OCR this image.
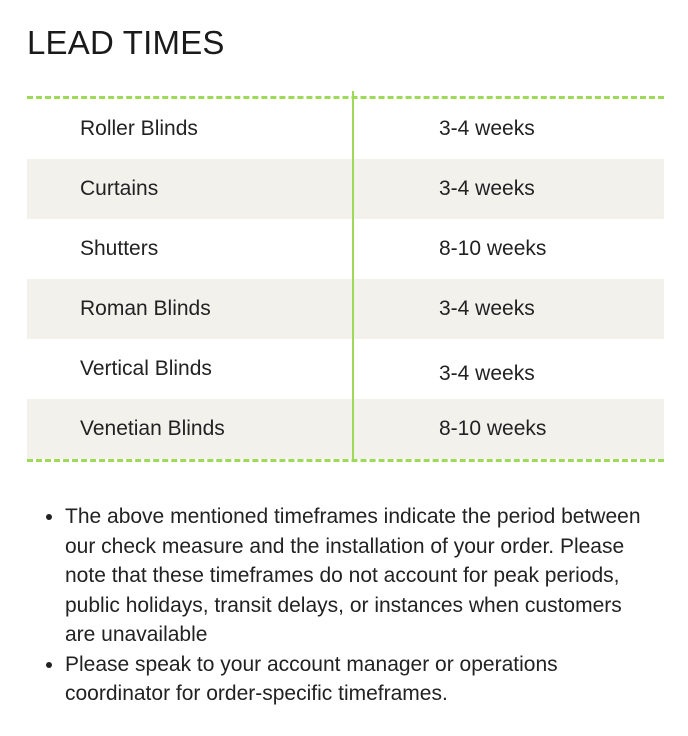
LEAD TIMES
Roller Blinds	3-4 weeks
Curtains	3-4 weeks
Shutters	8-10 weeks
Roman Blinds	3-4 weeks
Vertical Blinds	3-4 weeks
Venetian Blinds	8-10 weeks
• The above mentioned timeframes indicate the period between our check measure and the installation of your order. Please note that these timeframes do not account for peak periods, public holidays, transit delays, or instances when customers are unavailable
• Please speak to your account manager or operations coordinator for order-specific timeframes.
